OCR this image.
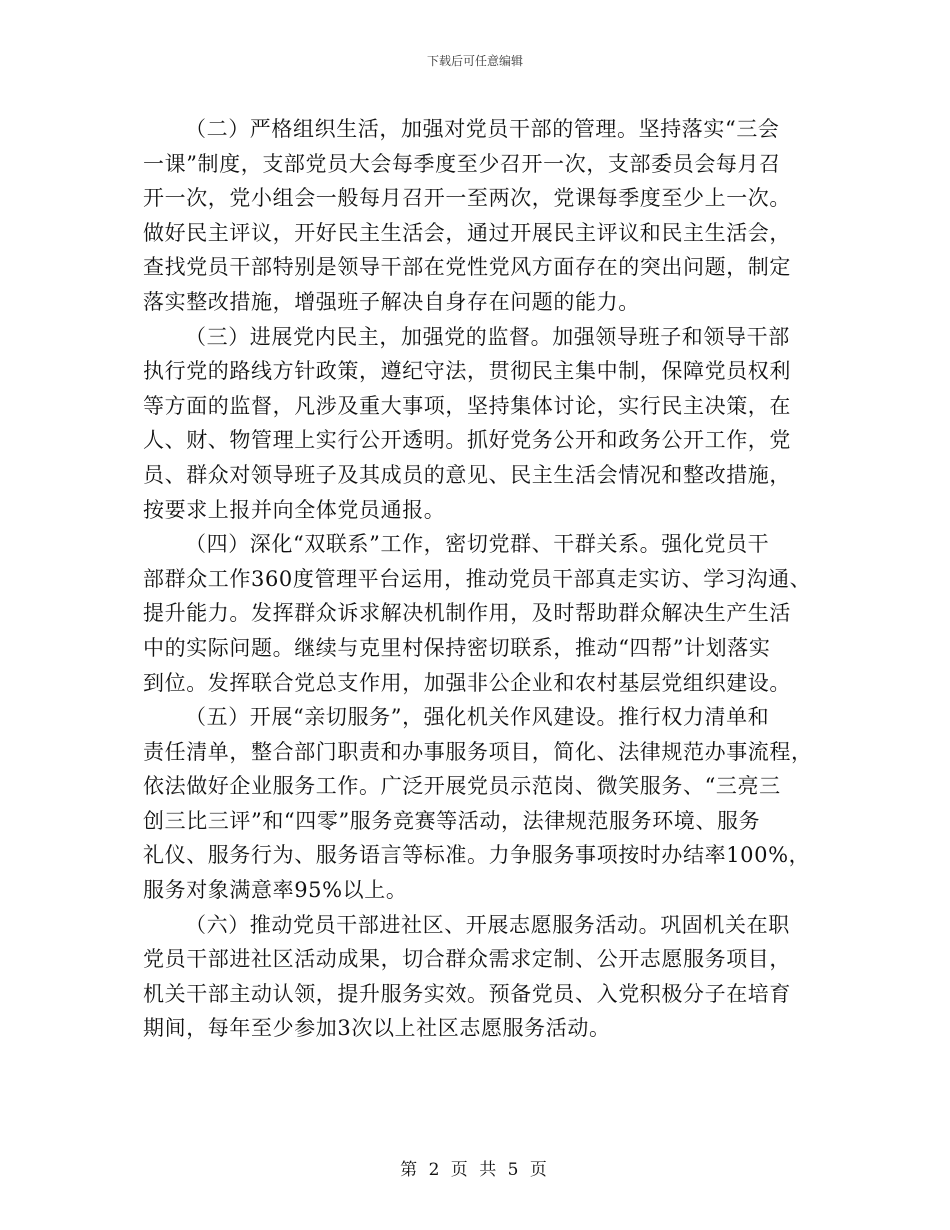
下载后可任意编辑

（二）严格组织生活，加强对党员干部的管理。坚持落实“三会
一课”制度，支部党员大会每季度至少召开一次，支部委员会每月召
开一次，党小组会一般每月召开一至两次，党课每季度至少上一次。
做好民主评议，开好民主生活会，通过开展民主评议和民主生活会，
查找党员干部特别是领导干部在党性党风方面存在的突出问题，制定
落实整改措施，增强班子解决自身存在问题的能力。

（三）进展党内民主，加强党的监督。加强领导班子和领导干部
执行党的路线方针政策，遵纪守法，贯彻民主集中制，保障党员权利
等方面的监督，凡涉及重大事项，坚持集体讨论，实行民主决策，在
人、财、物管理上实行公开透明。抓好党务公开和政务公开工作，党
员、群众对领导班子及其成员的意见、民主生活会情况和整改措施，
按要求上报并向全体党员通报。

（四）深化“双联系”工作，密切党群、干群关系。强化党员干
部群众工作360度管理平台运用，推动党员干部真走实访、学习沟通、
提升能力。发挥群众诉求解决机制作用，及时帮助群众解决生产生活
中的实际问题。继续与克里村保持密切联系，推动“四帮”计划落实
到位。发挥联合党总支作用，加强非公企业和农村基层党组织建设。

（五）开展“亲切服务”，强化机关作风建设。推行权力清单和
责任清单，整合部门职责和办事服务项目，简化、法律规范办事流程，
依法做好企业服务工作。广泛开展党员示范岗、微笑服务、“三亮三
创三比三评”和“四零”服务竞赛等活动，法律规范服务环境、服务
礼仪、服务行为、服务语言等标准。力争服务事项按时办结率100%，
服务对象满意率95%以上。

（六）推动党员干部进社区、开展志愿服务活动。巩固机关在职
党员干部进社区活动成果，切合群众需求定制、公开志愿服务项目，
机关干部主动认领，提升服务实效。预备党员、入党积极分子在培育
期间，每年至少参加3次以上社区志愿服务活动。

第 2 页 共 5 页
